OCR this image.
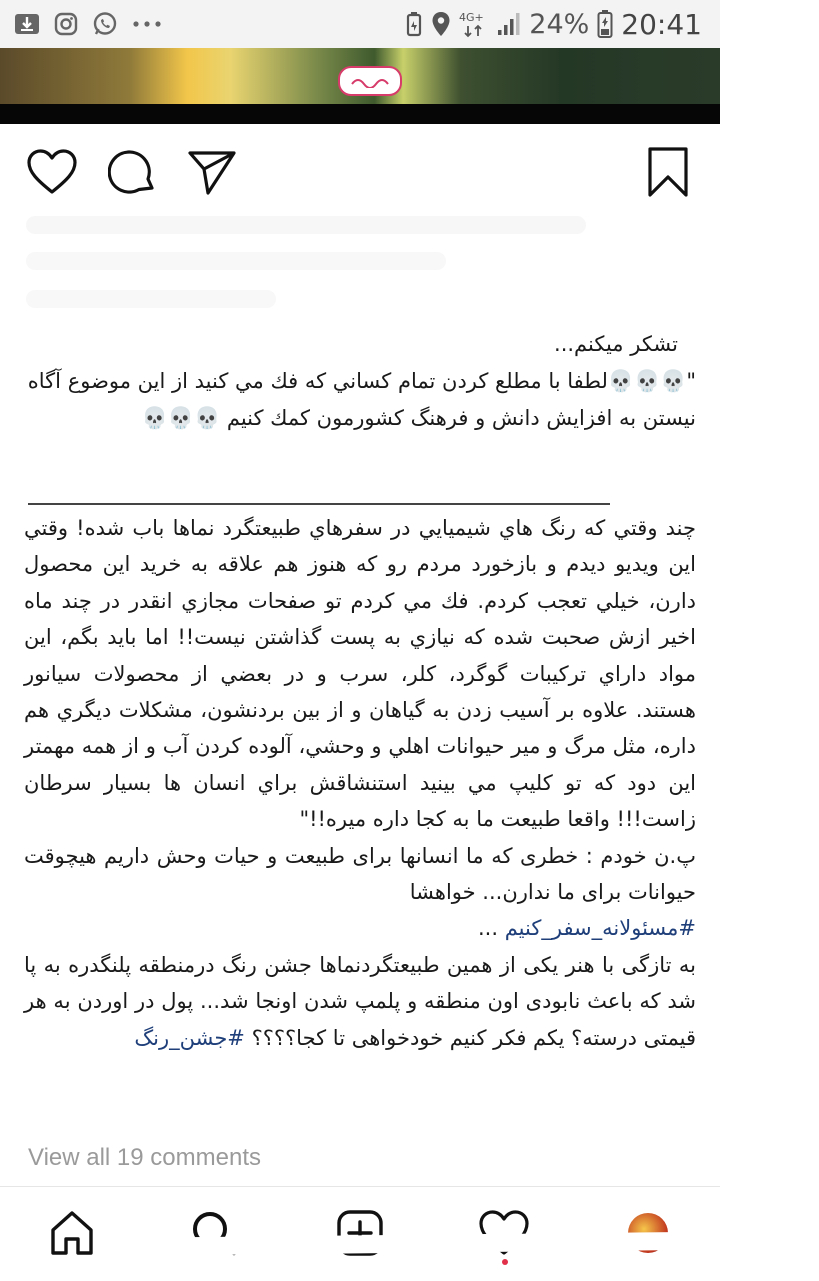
4G+ 24% 20:41

تشكر ميكنم...

"💀💀💀لطفا با مطلع کردن تمام کساني که فك مي کنيد از اين موضوع آگاه نيستن به افزايش دانش و فرهنگ کشورمون كمك كنيم 💀💀💀

چند وقتي که رنگ هاي شيميايي در سفرهاي طبيعتگرد نماها باب شده! وقتي اين ويديو ديدم و بازخورد مردم رو که هنوز هم علاقه به خريد اين محصول دارن، خيلي تعجب کردم. فك مي کردم تو صفحات مجازي انقدر در چند ماه اخير ازش صحبت شده که نيازي به پست گذاشتن نيست!! اما بايد بگم، اين مواد داراي ترکيبات گوگرد، کلر، سرب و در بعضي از محصولات سيانور هستند. علاوه بر آسيب زدن به گياهان و از بين بردنشون، مشکلات ديگري هم داره، مثل مرگ و مير حيوانات اهلي و وحشي، آلوده کردن آب و از همه مهمتر اين دود که تو کليپ مي بينيد استنشاقش براي انسان ها بسيار سرطان زاست!!! واقعا طبيعت ما به کجا داره ميره!!"

پ.ن خودم : خطری که ما انسانها برای طبیعت و حیات وحش داریم هیچوقت حیوانات برای ما ندارن... خواهشا

#مسئولانه_سفر_کنیم ...

به تازگی با هنر یکی از همین طبیعتگردنماها جشن رنگ درمنطقه پلنگدره به پا شد که باعث نابودی اون منطقه و پلمپ شدن اونجا شد... پول در اوردن به هر قیمتی درسته؟ یکم فکر کنیم خودخواهی تا کجا؟؟؟؟ #جشن_رنگ

View all 19 comments
